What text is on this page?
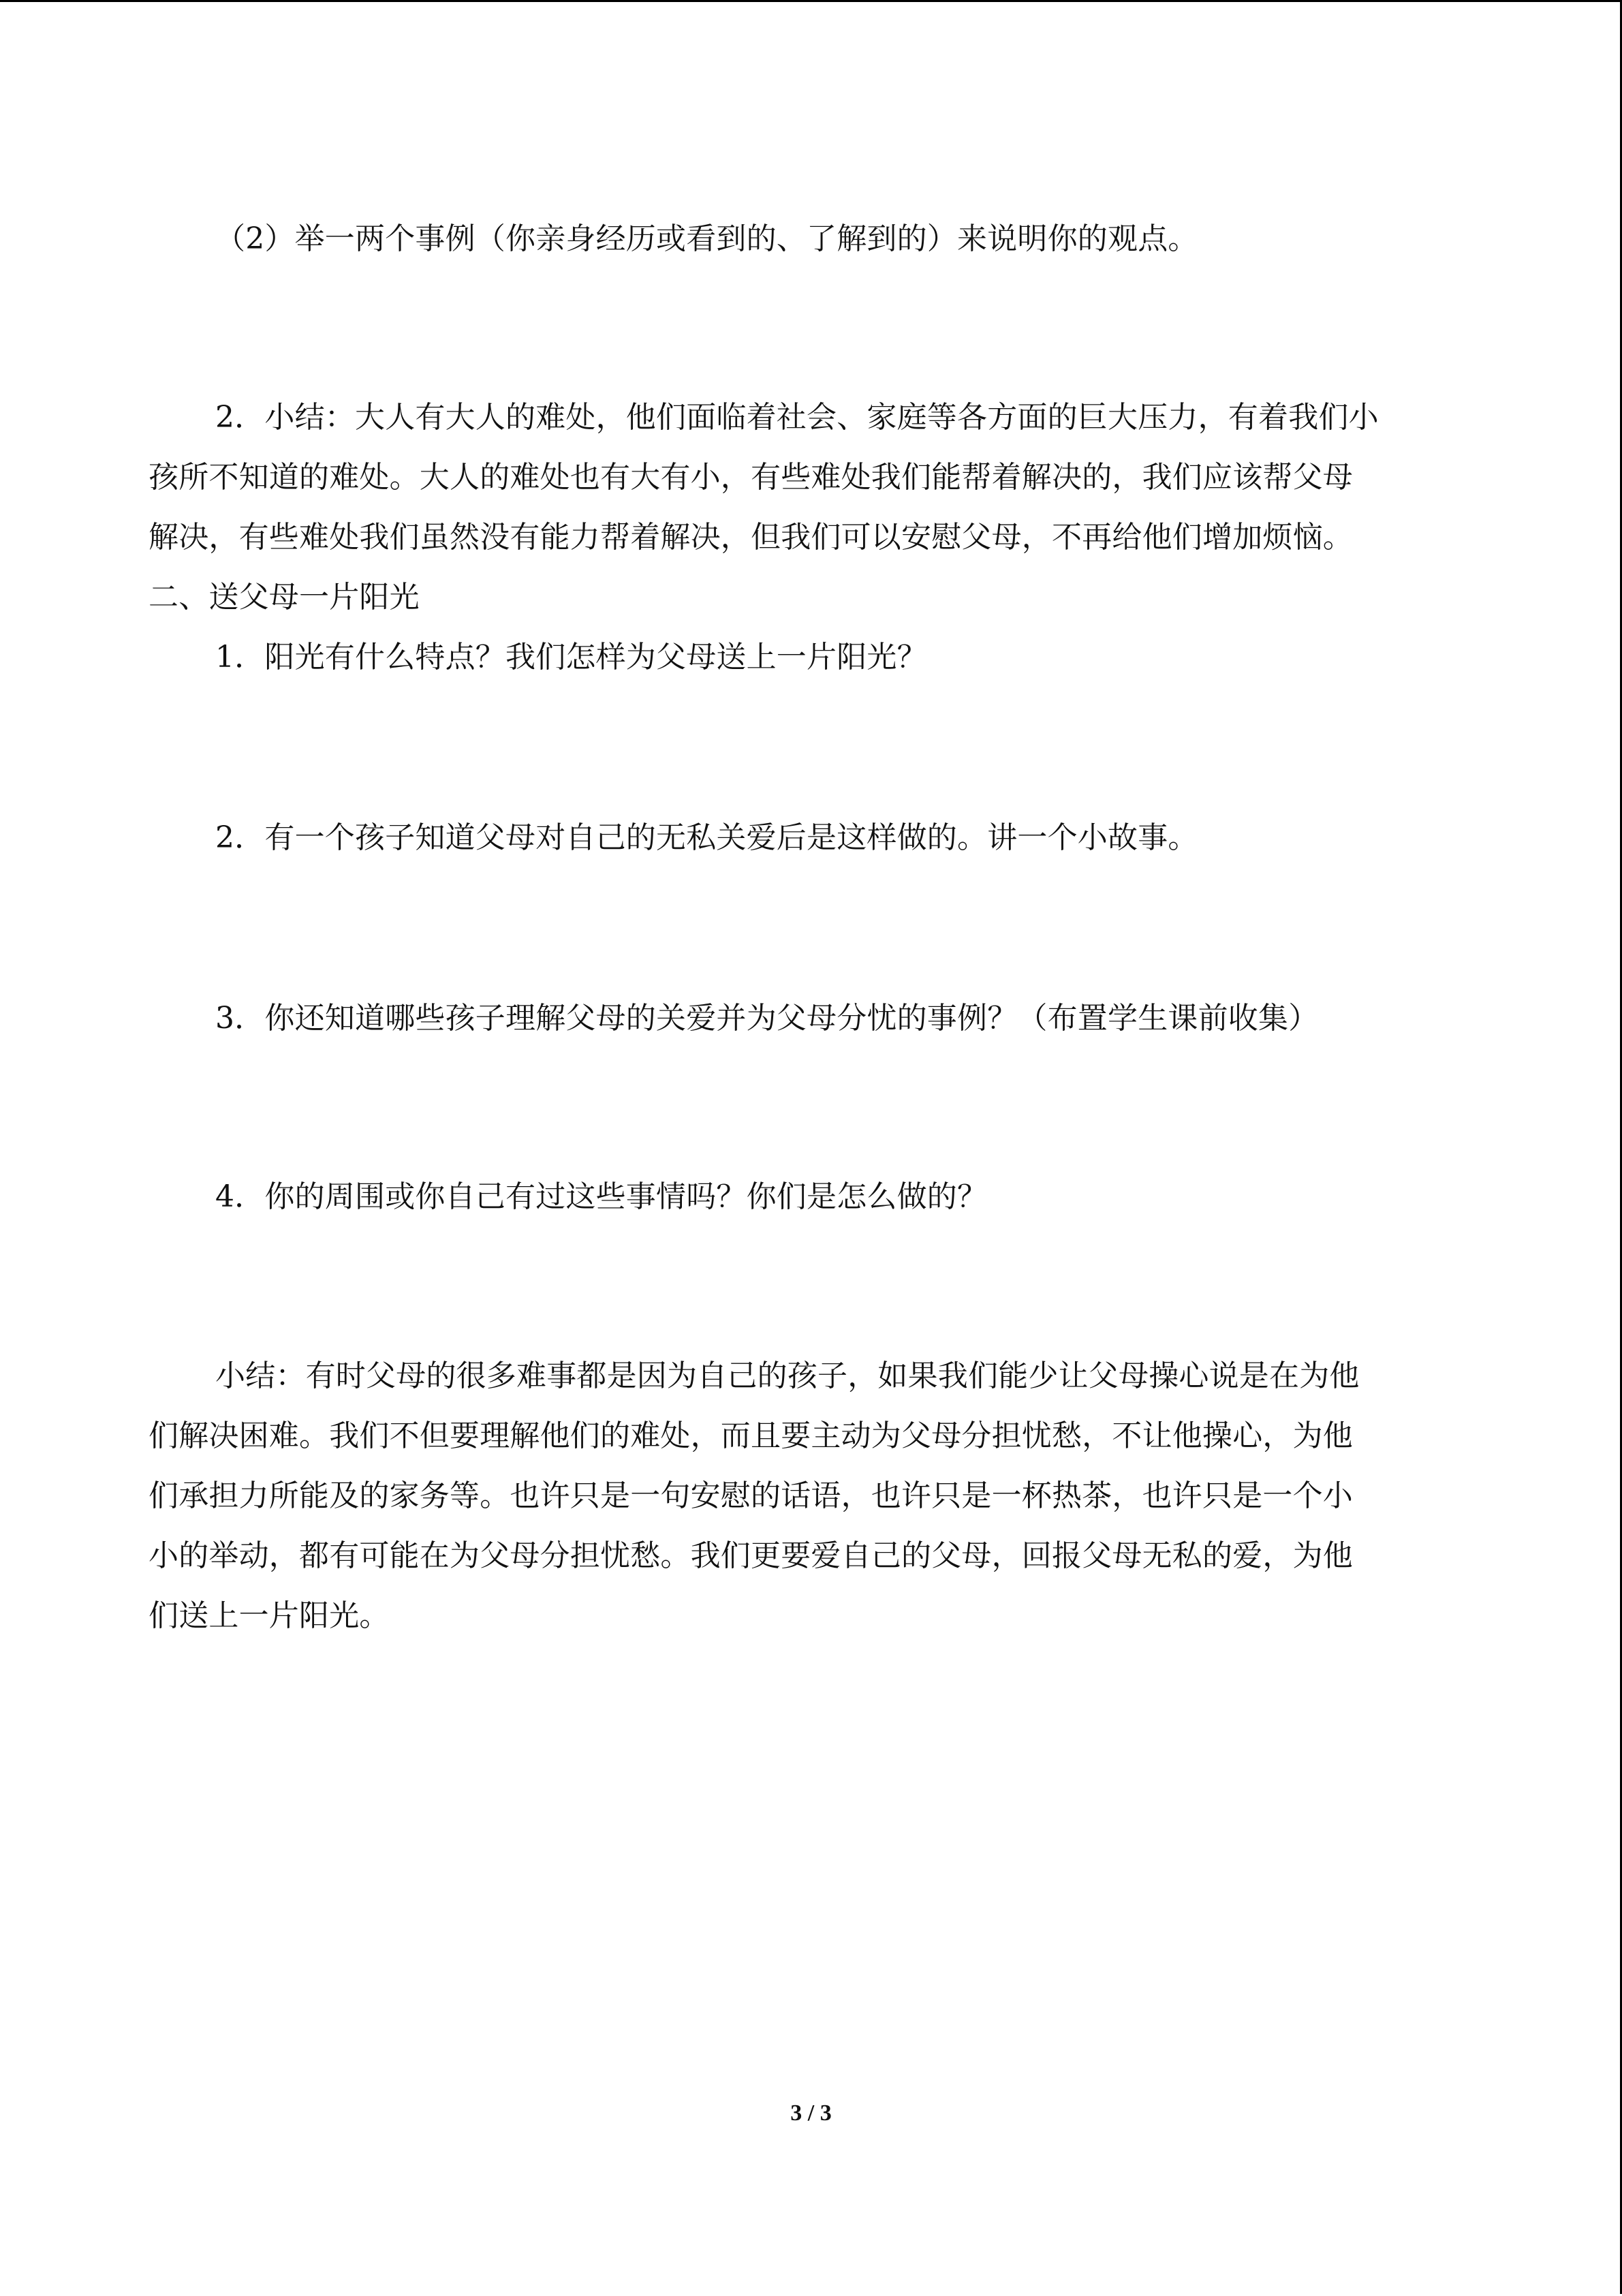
（2）举一两个事例（你亲身经历或看到的、了解到的）来说明你的观点。
2．小结：大人有大人的难处，他们面临着社会、家庭等各方面的巨大压力，有着我们小
孩所不知道的难处。大人的难处也有大有小，有些难处我们能帮着解决的，我们应该帮父母
解决，有些难处我们虽然没有能力帮着解决，但我们可以安慰父母，不再给他们增加烦恼。
二、送父母一片阳光
1．阳光有什么特点？我们怎样为父母送上一片阳光？
2．有一个孩子知道父母对自己的无私关爱后是这样做的。讲一个小故事。
3．你还知道哪些孩子理解父母的关爱并为父母分忧的事例？（布置学生课前收集）
4．你的周围或你自己有过这些事情吗？你们是怎么做的？
小结：有时父母的很多难事都是因为自己的孩子，如果我们能少让父母操心说是在为他
们解决困难。我们不但要理解他们的难处，而且要主动为父母分担忧愁，不让他操心，为他
们承担力所能及的家务等。也许只是一句安慰的话语，也许只是一杯热茶，也许只是一个小
小的举动，都有可能在为父母分担忧愁。我们更要爱自己的父母，回报父母无私的爱，为他
们送上一片阳光。
3 / 3
